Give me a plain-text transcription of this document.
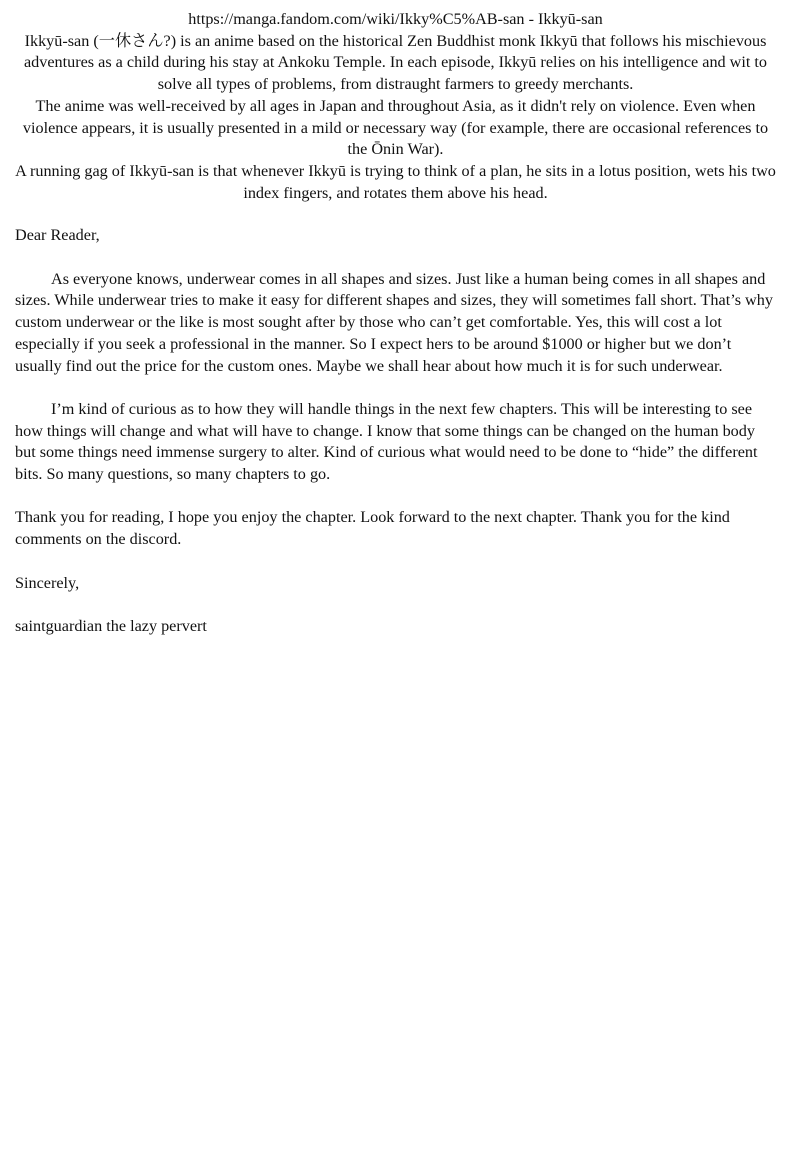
https://manga.fandom.com/wiki/Ikky%C5%AB-san - Ikkyū-san

Ikkyū-san (一休さん?) is an anime based on the historical Zen Buddhist monk Ikkyū that follows his mischievous adventures as a child during his stay at Ankoku Temple. In each episode, Ikkyū relies on his intelligence and wit to solve all types of problems, from distraught farmers to greedy merchants.

The anime was well-received by all ages in Japan and throughout Asia, as it didn't rely on violence. Even when violence appears, it is usually presented in a mild or necessary way (for example, there are occasional references to the Ōnin War).

A running gag of Ikkyū-san is that whenever Ikkyū is trying to think of a plan, he sits in a lotus position, wets his two index fingers, and rotates them above his head.

Dear Reader,

As everyone knows, underwear comes in all shapes and sizes. Just like a human being comes in all shapes and sizes. While underwear tries to make it easy for different shapes and sizes, they will sometimes fall short. That’s why custom underwear or the like is most sought after by those who can’t get comfortable. Yes, this will cost a lot especially if you seek a professional in the manner. So I expect hers to be around $1000 or higher but we don’t usually find out the price for the custom ones. Maybe we shall hear about how much it is for such underwear.

I’m kind of curious as to how they will handle things in the next few chapters. This will be interesting to see how things will change and what will have to change. I know that some things can be changed on the human body but some things need immense surgery to alter. Kind of curious what would need to be done to “hide” the different bits. So many questions, so many chapters to go.

Thank you for reading, I hope you enjoy the chapter. Look forward to the next chapter. Thank you for the kind comments on the discord.

Sincerely,

saintguardian the lazy pervert
